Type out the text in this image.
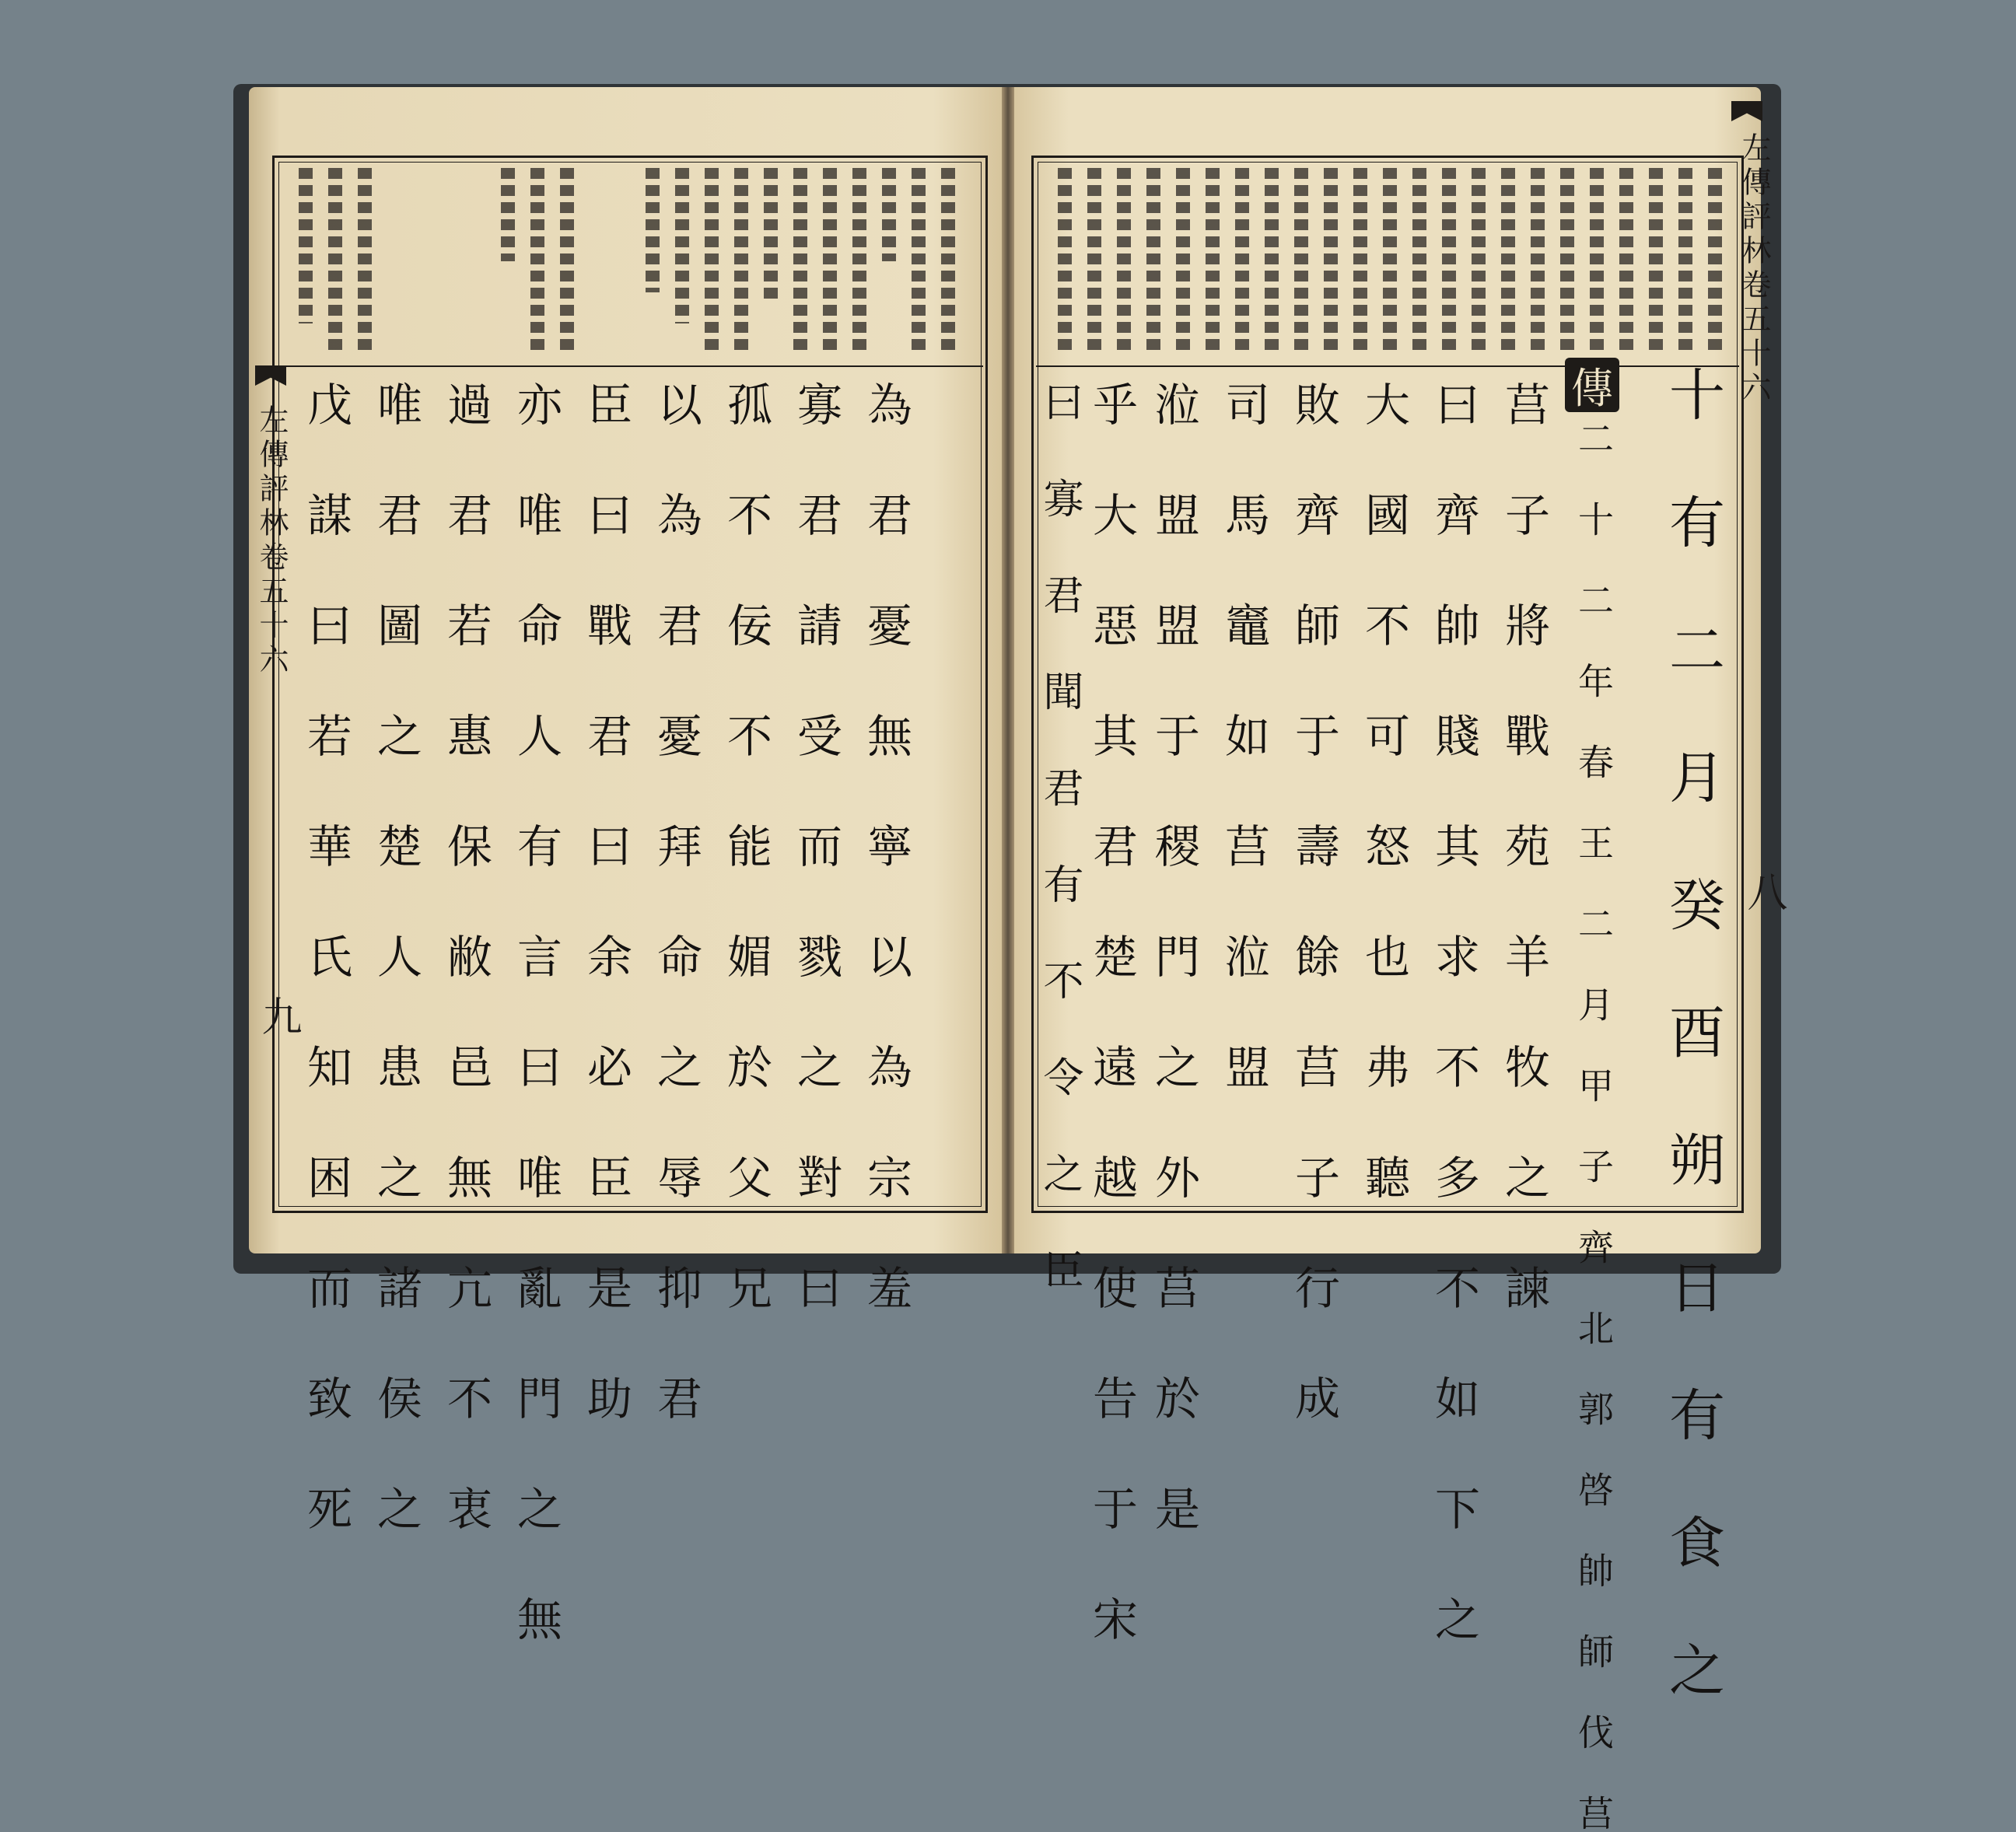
左傳評林卷五十六
九
左傳評林卷五十六
八
戊 謀 曰 若 華 氏 知 困 而 致 死 唯 君 圖 之 楚 人 患 之 諸 侯 之 過 君 若 惠 保 敝 邑 無 亢 不 衷 亦 唯 命 人 有 言 曰 唯 亂 門 之 無 臣 曰 戰 君 曰 余 必 臣 是 助 以 為 君 憂 拜 命 之 辱 抑 君 孤 不 佞 不 能 媚 於 父 兄 寡 君 請 受 而 戮 之 對 曰 為 君 憂 無 寧 以 為 宗 羞	傳 十 有 二 月 癸 酉 朔 日 有 食 之
二 十 二 年 春 王 二 月 甲 子 齊 北 郭 啓 帥 師 伐 莒
莒 子 將 戰 苑 羊 牧 之 諫
曰 齊 帥 賤 其 求 不 多 不 如 下 之
大 國 不 可 怒 也 弗 聽
敗 齊 師 于 壽 餘 莒 子 行 成
司 馬 竈 如 莒 涖 盟
涖 盟 盟 于 稷 門 之 外 莒 於 是
乎 大 惡 其 君 楚 遠 越 使 告 于 宋
曰 寡 君 聞 君 有 不 令 之 臣
